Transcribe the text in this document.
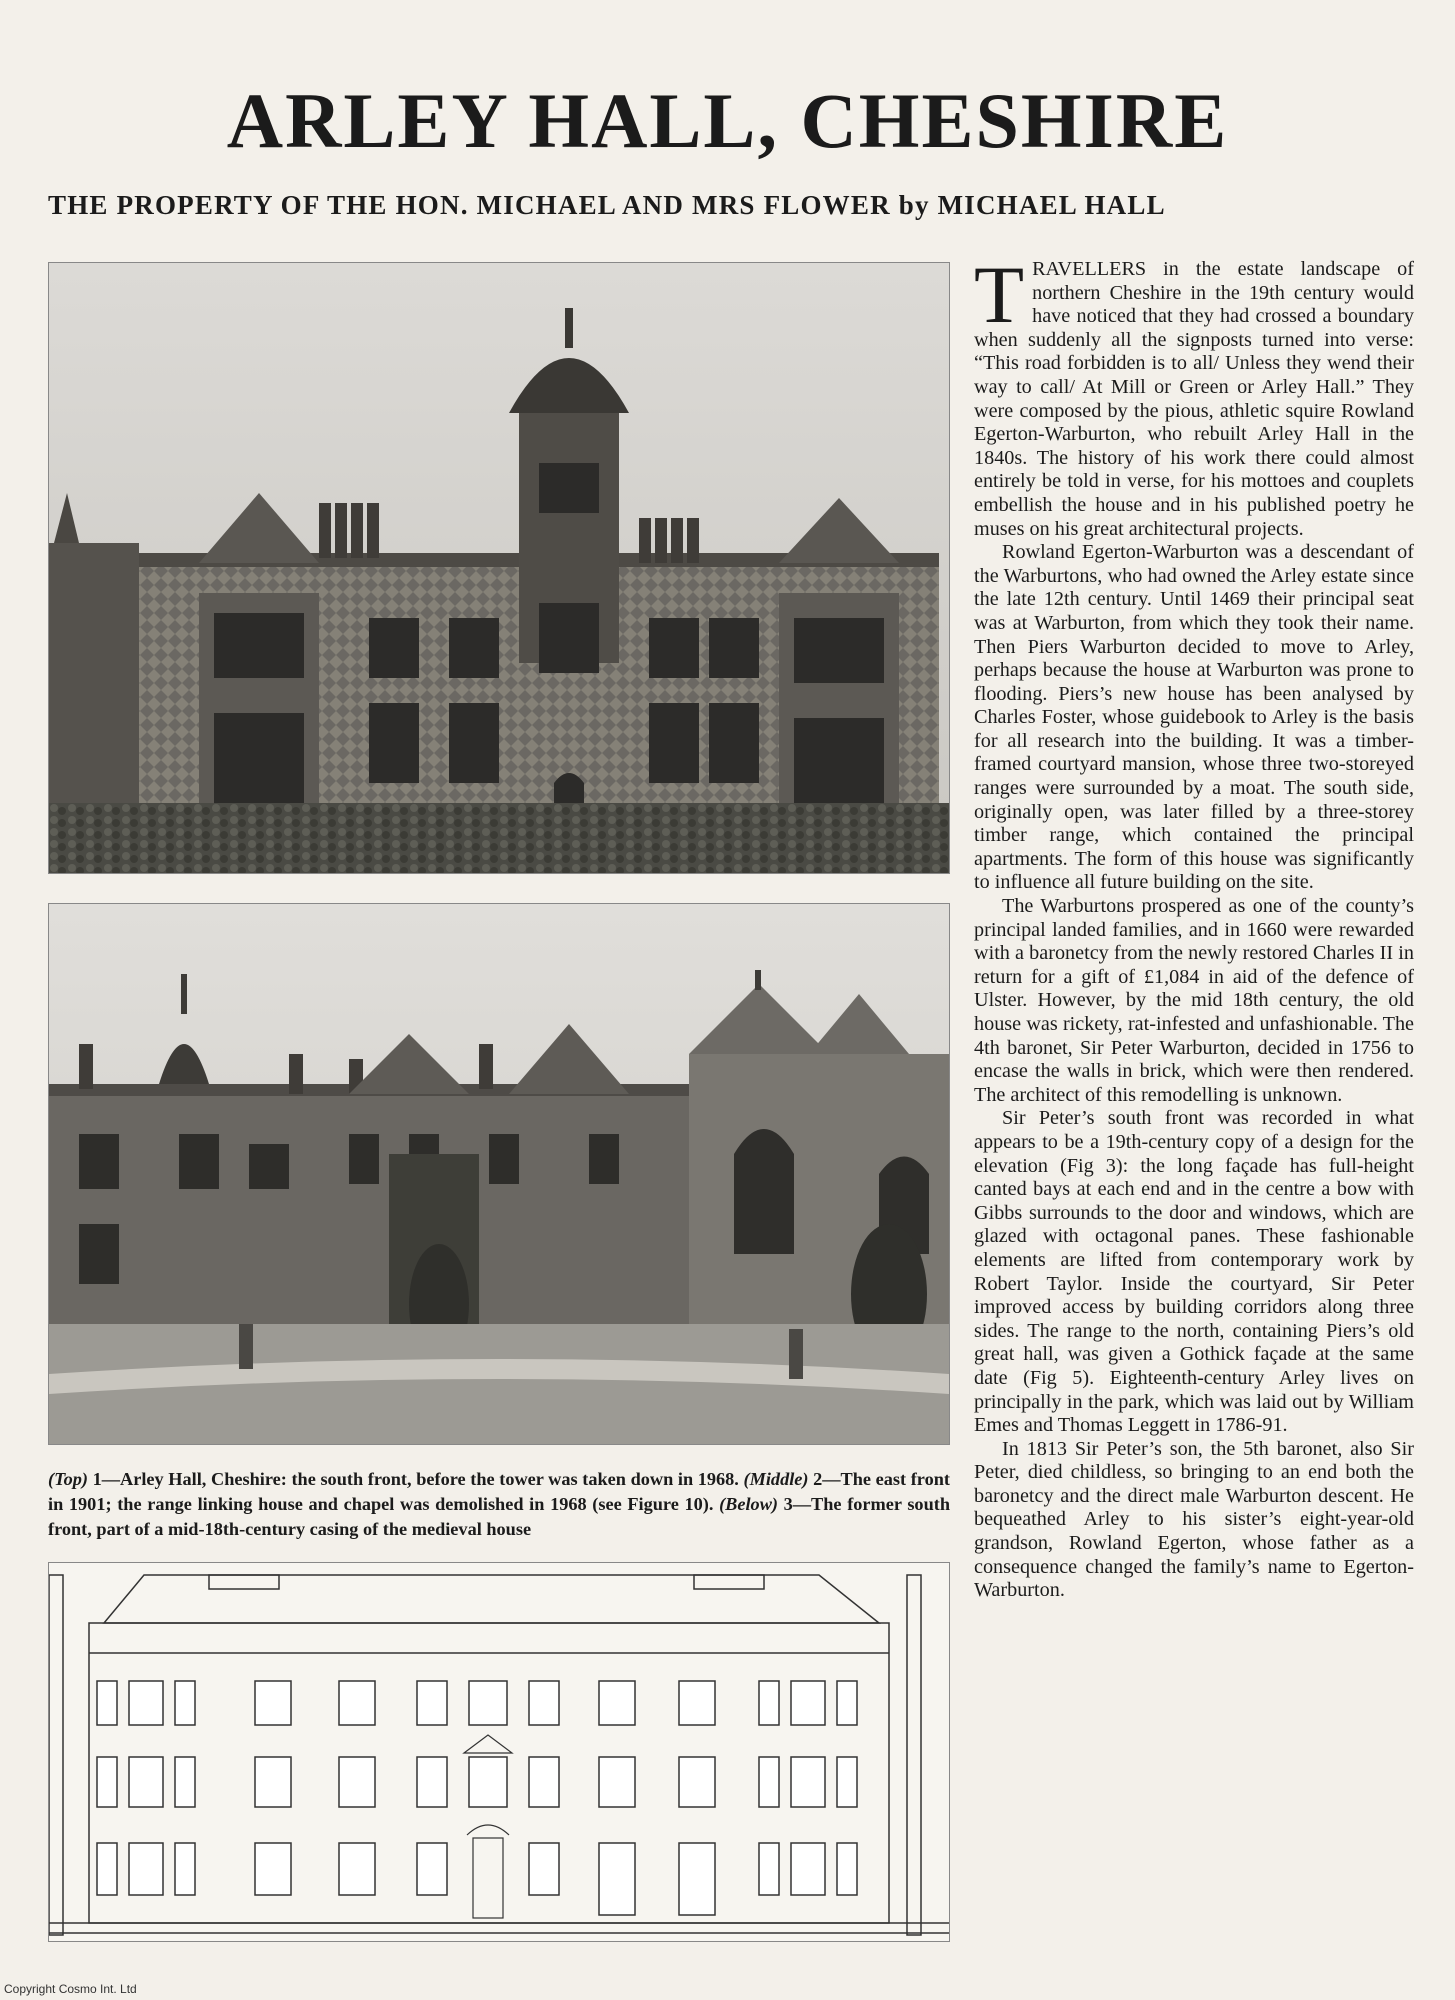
ARLEY HALL, CHESHIRE
THE PROPERTY OF THE HON. MICHAEL AND MRS FLOWER by MICHAEL HALL

(Top) 1—Arley Hall, Cheshire: the south front, before the tower was taken down in 1968. (Middle) 2—The east front in 1901; the range linking house and chapel was demolished in 1968 (see Figure 10). (Below) 3—The former south front, part of a mid-18th-century casing of the medieval house

TRAVELLERS in the estate landscape of northern Cheshire in the 19th century would have noticed that they had crossed a boundary when suddenly all the signposts turned into verse: “This road forbidden is to all/ Unless they wend their way to call/ At Mill or Green or Arley Hall.” They were composed by the pious, athletic squire Rowland Egerton-Warburton, who rebuilt Arley Hall in the 1840s. The history of his work there could almost entirely be told in verse, for his mottoes and couplets embellish the house and in his published poetry he muses on his great architectural projects.

Rowland Egerton-Warburton was a descendant of the Warburtons, who had owned the Arley estate since the late 12th century. Until 1469 their principal seat was at Warburton, from which they took their name. Then Piers Warburton decided to move to Arley, perhaps because the house at Warburton was prone to flooding. Piers’s new house has been analysed by Charles Foster, whose guidebook to Arley is the basis for all research into the building. It was a timber-framed courtyard mansion, whose three two-storeyed ranges were surrounded by a moat. The south side, originally open, was later filled by a three-storey timber range, which contained the principal apartments. The form of this house was significantly to influence all future building on the site.

The Warburtons prospered as one of the county’s principal landed families, and in 1660 were rewarded with a baronetcy from the newly restored Charles II in return for a gift of £1,084 in aid of the defence of Ulster. However, by the mid 18th century, the old house was rickety, rat-infested and unfashionable. The 4th baronet, Sir Peter Warburton, decided in 1756 to encase the walls in brick, which were then rendered. The architect of this remodelling is unknown.

Sir Peter’s south front was recorded in what appears to be a 19th-century copy of a design for the elevation (Fig 3): the long façade has full-height canted bays at each end and in the centre a bow with Gibbs surrounds to the door and windows, which are glazed with octagonal panes. These fashionable elements are lifted from contemporary work by Robert Taylor. Inside the courtyard, Sir Peter improved access by building corridors along three sides. The range to the north, containing Piers’s old great hall, was given a Gothick façade at the same date (Fig 5). Eighteenth-century Arley lives on principally in the park, which was laid out by William Emes and Thomas Leggett in 1786-91.

In 1813 Sir Peter’s son, the 5th baronet, also Sir Peter, died childless, so bringing to an end both the baronetcy and the direct male Warburton descent. He bequeathed Arley to his sister’s eight-year-old grandson, Rowland Egerton, whose father as a consequence changed the family’s name to Egerton-Warburton.

Copyright Cosmo Int. Ltd
